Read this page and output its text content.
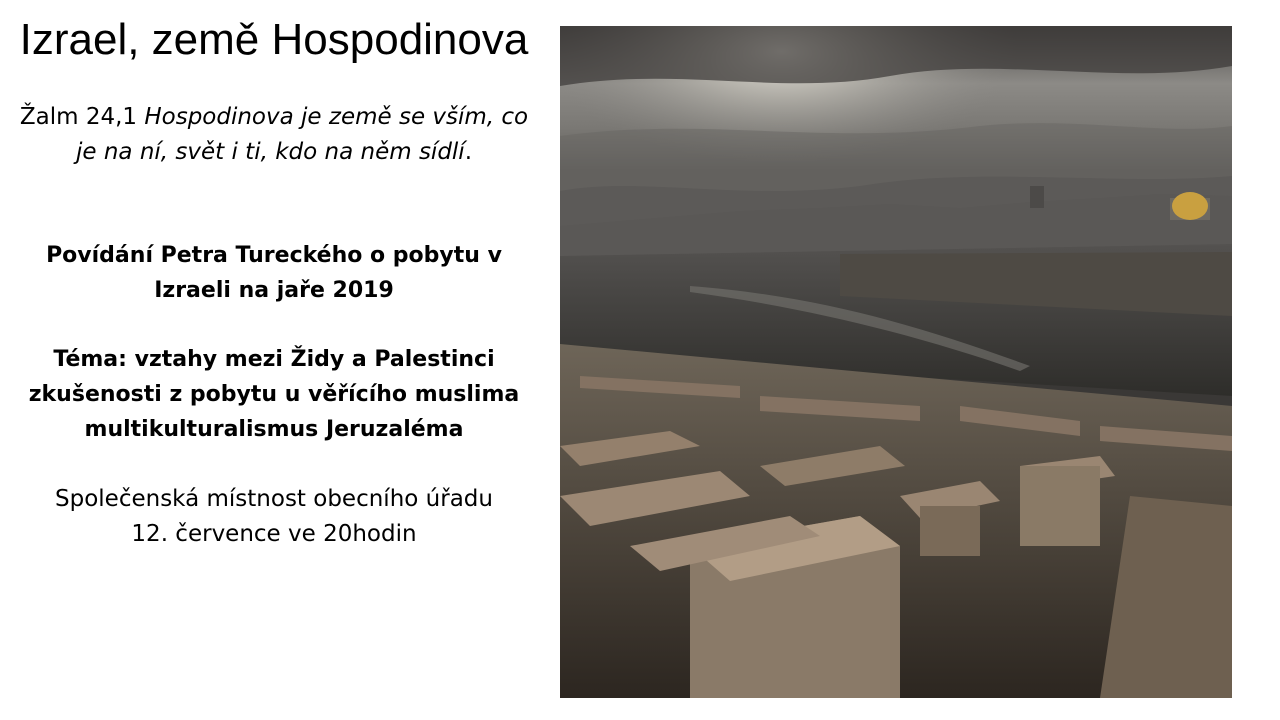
Izrael, země Hospodinova
Žalm 24,1 Hospodinova je země se vším, co
je na ní, svět i ti, kdo na něm sídlí.
Povídání Petra Tureckého o pobytu v
Izraeli na jaře 2019
Téma: vztahy mezi Židy a Palestinci
zkušenosti z pobytu u věřícího muslima
multikulturalismus Jeruzaléma
Společenská místnost obecního úřadu
12. července ve 20hodin
